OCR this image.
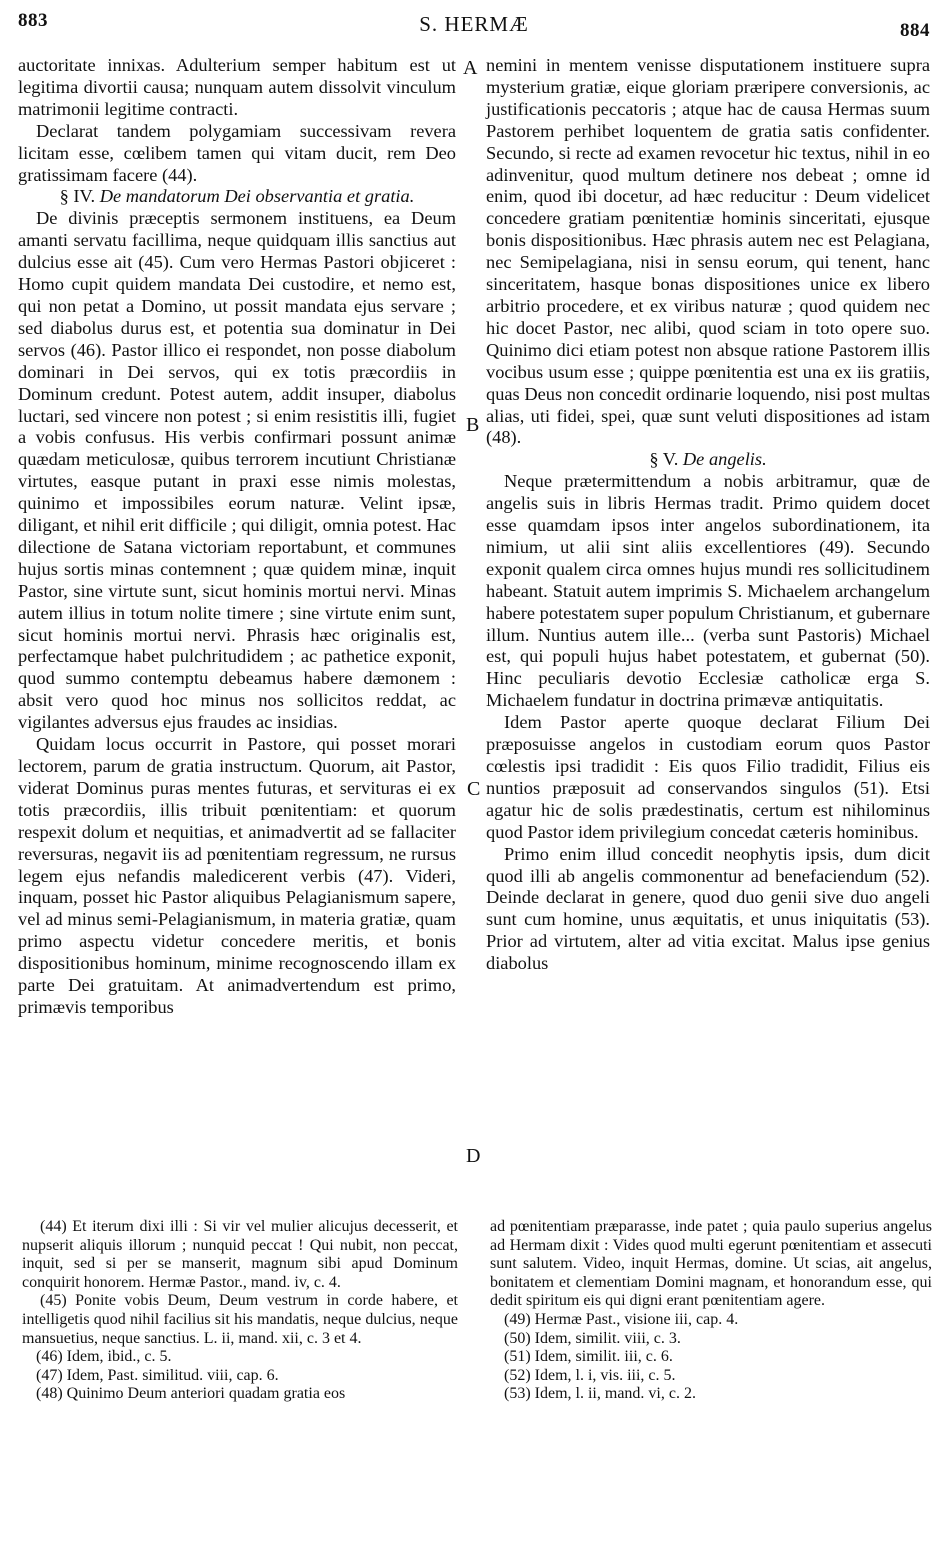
883	S. HERMÆ	884
A
B
C
D

auctoritate innixas. Adulterium semper habitum est ut legitima divortii causa; nunquam autem dissolvit vinculum matrimonii legitime contracti.

Declarat tandem polygamiam successivam revera licitam esse, cœlibem tamen qui vitam ducit, rem Deo gratissimam facere (44).

§ IV. De mandatorum Dei observantia et gratia.

De divinis præceptis sermonem instituens, ea Deum amanti servatu facillima, neque quidquam illis sanctius aut dulcius esse ait (45). Cum vero Hermas Pastori objiceret : Homo cupit quidem mandata Dei custodire, et nemo est, qui non petat a Domino, ut possit mandata ejus servare ; sed diabolus durus est, et potentia sua dominatur in Dei servos (46). Pastor illico ei respondet, non posse diabolum dominari in Dei servos, qui ex totis præcordiis in Dominum credunt. Potest autem, addit insuper, diabolus luctari, sed vincere non potest ; si enim resistitis illi, fugiet a vobis confusus. His verbis confirmari possunt animæ quædam meticulosæ, quibus terrorem incutiunt Christianæ virtutes, easque putant in praxi esse nimis molestas, quinimo et impossibiles eorum naturæ. Velint ipsæ, diligant, et nihil erit difficile ; qui diligit, omnia potest. Hac dilectione de Satana victoriam reportabunt, et communes hujus sortis minas contemnent ; quæ quidem minæ, inquit Pastor, sine virtute sunt, sicut hominis mortui nervi. Minas autem illius in totum nolite timere ; sine virtute enim sunt, sicut hominis mortui nervi. Phrasis hæc originalis est, perfectamque habet pulchritudidem ; ac pathetice exponit, quod summo contemptu debeamus habere dæmonem : absit vero quod hoc minus nos sollicitos reddat, ac vigilantes adversus ejus fraudes ac insidias.

Quidam locus occurrit in Pastore, qui posset morari lectorem, parum de gratia instructum. Quorum, ait Pastor, viderat Dominus puras mentes futuras, et servituras ei ex totis præcordiis, illis tribuit pœnitentiam: et quorum respexit dolum et nequitias, et animadvertit ad se fallaciter reversuras, negavit iis ad pœnitentiam regressum, ne rursus legem ejus nefandis maledicerent verbis (47). Videri, inquam, posset hic Pastor aliquibus Pelagianismum sapere, vel ad minus semi-Pelagianismum, in materia gratiæ, quam primo aspectu videtur concedere meritis, et bonis dispositionibus hominum, minime recognoscendo illam ex parte Dei gratuitam. At animadvertendum est primo, primævis temporibus

nemini in mentem venisse disputationem instituere supra mysterium gratiæ, eique gloriam præripere conversionis, ac justificationis peccatoris ; atque hac de causa Hermas suum Pastorem perhibet loquentem de gratia satis confidenter. Secundo, si recte ad examen revocetur hic textus, nihil in eo adinvenitur, quod multum detinere nos debeat ; omne id enim, quod ibi docetur, ad hæc reducitur : Deum videlicet concedere gratiam pœnitentiæ hominis sinceritati, ejusque bonis dispositionibus. Hæc phrasis autem nec est Pelagiana, nec Semipelagiana, nisi in sensu eorum, qui tenent, hanc sinceritatem, hasque bonas dispositiones unice ex libero arbitrio procedere, et ex viribus naturæ ; quod quidem nec hic docet Pastor, nec alibi, quod sciam in toto opere suo. Quinimo dici etiam potest non absque ratione Pastorem illis vocibus usum esse ; quippe pœnitentia est una ex iis gratiis, quas Deus non concedit ordinarie loquendo, nisi post multas alias, uti fidei, spei, quæ sunt veluti dispositiones ad istam (48).

§ V. De angelis.

Neque prætermittendum a nobis arbitramur, quæ de angelis suis in libris Hermas tradit. Primo quidem docet esse quamdam ipsos inter angelos subordinationem, ita nimium, ut alii sint aliis excellentiores (49). Secundo exponit qualem circa omnes hujus mundi res sollicitudinem habeant. Statuit autem imprimis S. Michaelem archangelum habere potestatem super populum Christianum, et gubernare illum. Nuntius autem ille... (verba sunt Pastoris) Michael est, qui populi hujus habet potestatem, et gubernat (50). Hinc peculiaris devotio Ecclesiæ catholicæ erga S. Michaelem fundatur in doctrina primævæ antiquitatis.

Idem Pastor aperte quoque declarat Filium Dei præposuisse angelos in custodiam eorum quos Pastor cœlestis ipsi tradidit : Eis quos Filio tradidit, Filius eis nuntios præposuit ad conservandos singulos (51). Etsi agatur hic de solis prædestinatis, certum est nihilominus quod Pastor idem privilegium concedat cæteris hominibus.

Primo enim illud concedit neophytis ipsis, dum dicit quod illi ab angelis commonentur ad benefaciendum (52). Deinde declarat in genere, quod duo genii sive duo angeli sunt cum homine, unus æquitatis, et unus iniquitatis (53). Prior ad virtutem, alter ad vitia excitat. Malus ipse genius diabolus

(44) Et iterum dixi illi : Si vir vel mulier alicujus decesserit, et nupserit aliquis illorum ; nunquid peccat ! Qui nubit, non peccat, inquit, sed si per se manserit, magnum sibi apud Dominum conquirit honorem. Hermæ Pastor., mand. iv, c. 4.

(45) Ponite vobis Deum, Deum vestrum in corde habere, et intelligetis quod nihil facilius sit his mandatis, neque dulcius, neque mansuetius, neque sanctius. L. ii, mand. xii, c. 3 et 4.

(46) Idem, ibid., c. 5.

(47) Idem, Past. similitud. viii, cap. 6.

(48) Quinimo Deum anteriori quadam gratia eos

ad pœnitentiam præparasse, inde patet ; quia paulo superius angelus ad Hermam dixit : Vides quod multi egerunt pœnitentiam et assecuti sunt salutem. Video, inquit Hermas, domine. Ut scias, ait angelus, bonitatem et clementiam Domini magnam, et honorandum esse, qui dedit spiritum eis qui digni erant pœnitentiam agere.

(49) Hermæ Past., visione iii, cap. 4.

(50) Idem, similit. viii, c. 3.

(51) Idem, similit. iii, c. 6.

(52) Idem, l. i, vis. iii, c. 5.

(53) Idem, l. ii, mand. vi, c. 2.
